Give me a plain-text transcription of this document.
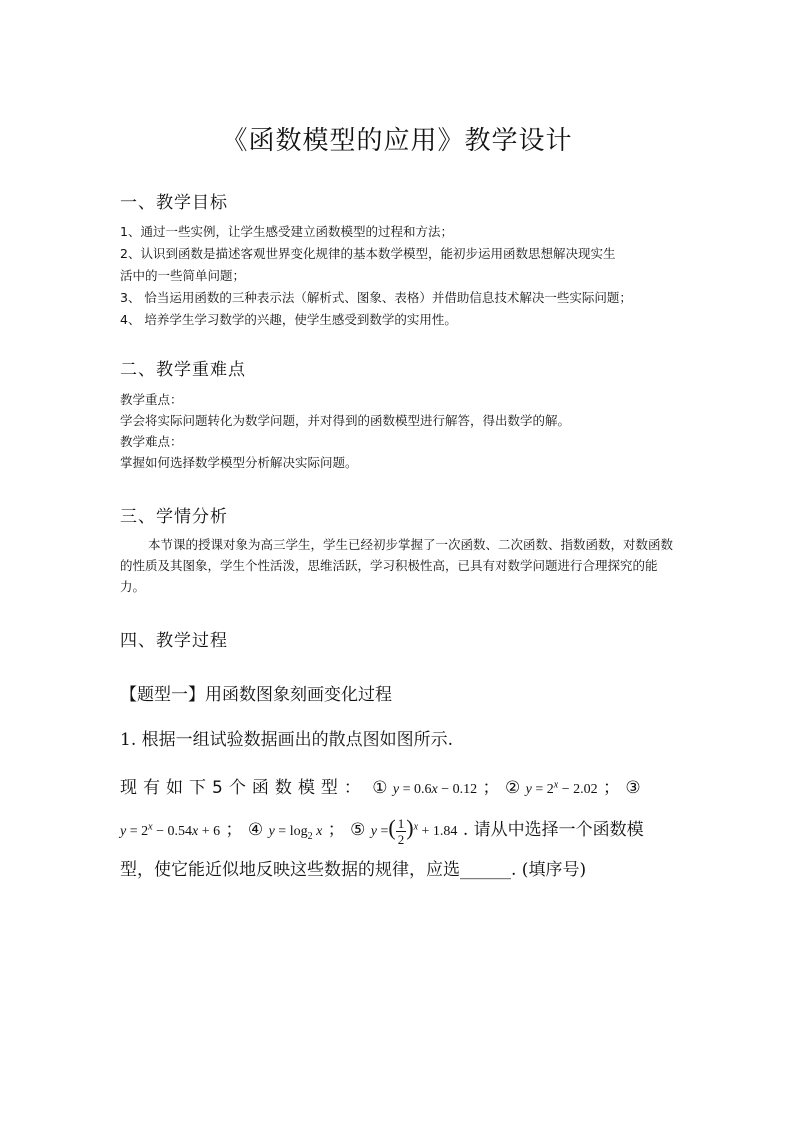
《函数模型的应用》教学设计
一、教学目标
1、通过一些实例，让学生感受建立函数模型的过程和方法；
2、认识到函数是描述客观世界变化规律的基本数学模型，能初步运用函数思想解决现实生
活中的一些简单问题；
3、 恰当运用函数的三种表示法（解析式、图象、表格）并借助信息技术解决一些实际问题；
4、 培养学生学习数学的兴趣，使学生感受到数学的实用性。
二、教学重难点
教学重点：
学会将实际问题转化为数学问题，并对得到的函数模型进行解答，得出数学的解。
教学难点：
掌握如何选择数学模型分析解决实际问题。
三、学情分析
本节课的授课对象为高三学生，学生已经初步掌握了一次函数、二次函数、指数函数，对数函数的性质及其图象，学生个性活泼，思维活跃，学习积极性高，已具有对数学问题进行合理探究的能力。
四、教学过程
【题型一】用函数图象刻画变化过程
1. 根据一组试验数据画出的散点图如图所示.
现有如下5个函数模型： ① y = 0.6x − 0.12 ； ② $y = 2^x - 2.02$ ； ③
$y = 2^x - 0.54x + 6$ ； ④ $y = \log_2 x$ ； ⑤ y =( $\frac{1}{2} )^x + 1.84$ . 请从中选择一个函数模
型，使它能近似地反映这些数据的规律，应选______. (填序号)
